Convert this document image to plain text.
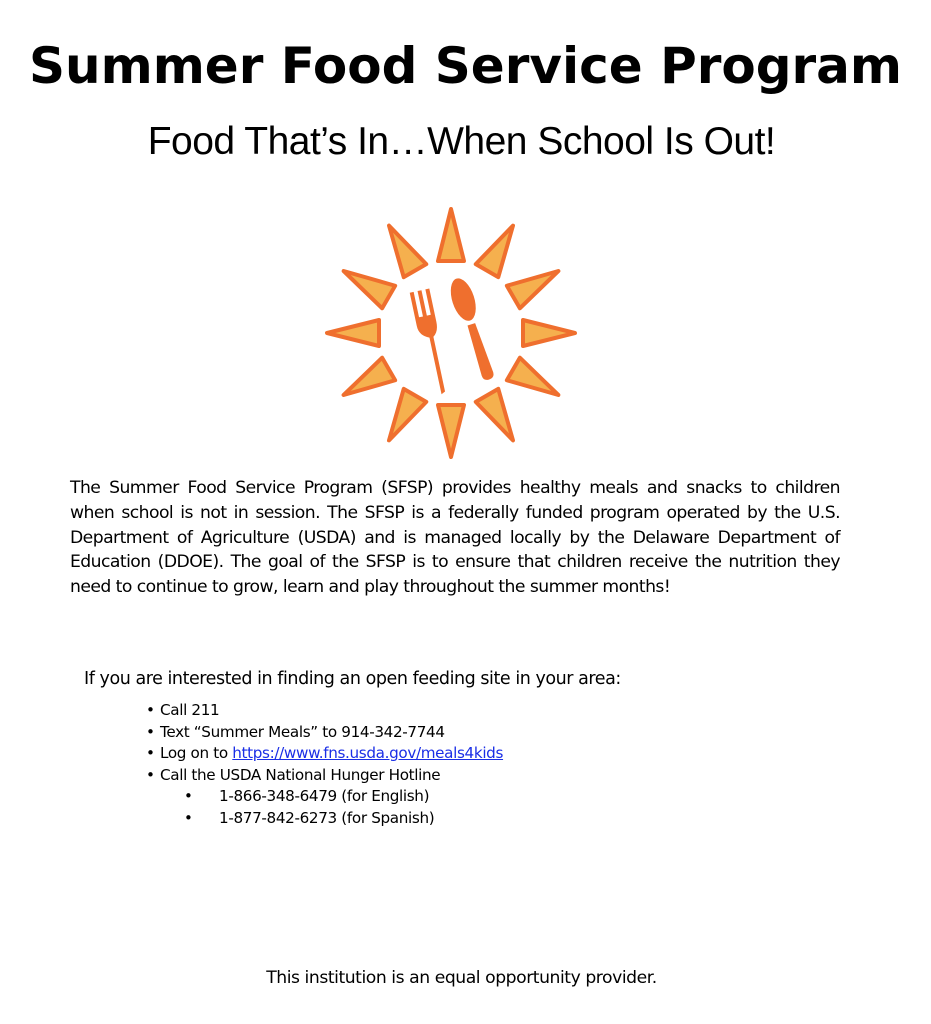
Summer Food Service Program
Food That’s In…When School Is Out!

The Summer Food Service Program (SFSP) provides healthy meals and snacks to children when school is not in session. The SFSP is a federally funded program operated by the U.S. Department of Agriculture (USDA) and is managed locally by the Delaware Department of Education (DDOE). The goal of the SFSP is to ensure that children receive the nutrition they need to continue to grow, learn and play throughout the summer months!

If you are interested in finding an open feeding site in your area:
• Call 211
• Text “Summer Meals” to 914-342-7744
• Log on to https://www.fns.usda.gov/meals4kids
• Call the USDA National Hunger Hotline
• 1-866-348-6479 (for English)
• 1-877-842-6273 (for Spanish)
This institution is an equal opportunity provider.
